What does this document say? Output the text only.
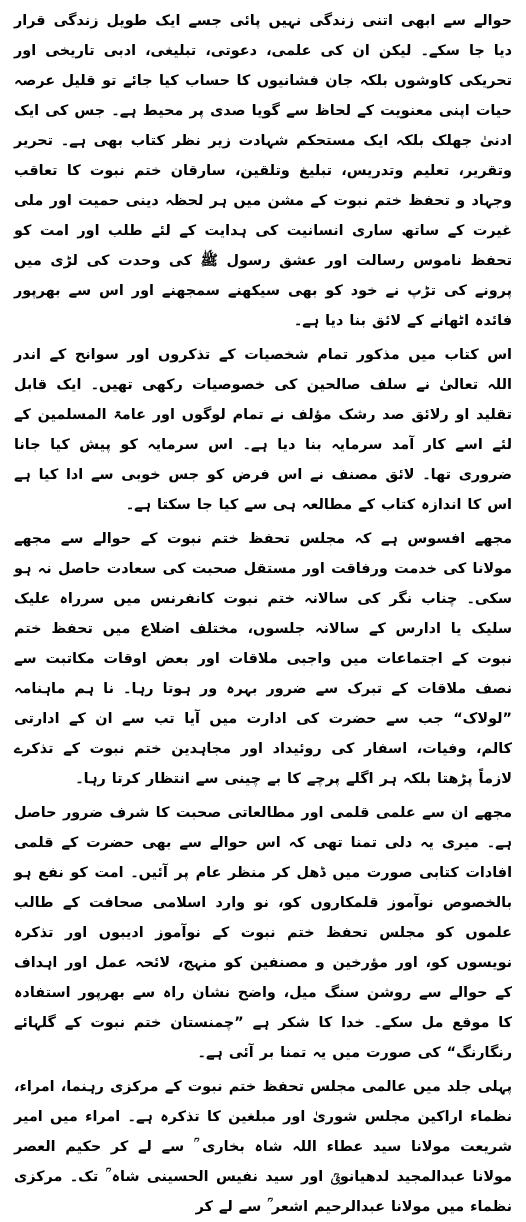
حوالے سے ابھی اتنی زندگی نہیں پائی جسے ایک طویل زندگی قرار دیا جا سکے۔ لیکن ان کی علمی، دعوتی، تبلیغی، ادبی تاریخی اور تحریکی کاوشوں بلکہ جان فشانیوں کا حساب کیا جائے تو قلیل عرصہ حیات اپنی معنویت کے لحاظ سے گویا صدی پر محیط ہے۔ جس کی ایک ادنیٰ جھلک بلکہ ایک مستحکم شہادت زیر نظر کتاب بھی ہے۔ تحریر وتقریر، تعلیم وتدریس، تبلیغ وتلقین، سارقان ختم نبوت کا تعاقب وجہاد و تحفظ ختم نبوت کے مشن میں ہر لحظہ دینی حمیت اور ملی غیرت کے ساتھ ساری انسانیت کی ہدایت کے لئے طلب اور امت کو تحفظ ناموس رسالت اور عشق رسول ﷺ کی وحدت کی لڑی میں پرونے کی تڑپ نے خود کو بھی سیکھنے سمجھنے اور اس سے بھرپور فائدہ اٹھانے کے لائق بنا دیا ہے۔

اس کتاب میں مذکور تمام شخصیات کے تذکروں اور سوانح کے اندر اللہ تعالیٰ نے سلف صالحین کی خصوصیات رکھی تھیں۔ ایک قابل تقلید او رلائق صد رشک مؤلف نے تمام لوگوں اور عامۃ المسلمین کے لئے اسے کار آمد سرمایہ بنا دیا ہے۔ اس سرمایہ کو پیش کیا جانا ضروری تھا۔ لائق مصنف نے اس فرض کو جس خوبی سے ادا کیا ہے اس کا اندازہ کتاب کے مطالعہ ہی سے کیا جا سکتا ہے۔

مجھے افسوس ہے کہ مجلس تحفظ ختم نبوت کے حوالے سے مجھے مولانا کی خدمت ورفاقت اور مستقل صحبت کی سعادت حاصل نہ ہو سکی۔ چناب نگر کی سالانہ ختم نبوت کانفرنس میں سرراہ علیک سلیک یا ادارس کے سالانہ جلسوں، مختلف اضلاع میں تحفظ ختم نبوت کے اجتماعات میں واجبی ملاقات اور بعض اوقات مکاتبت سے نصف ملاقات کے تبرک سے ضرور بہرہ ور ہوتا رہا۔ نا ہم ماہنامہ ”لولاک“ جب سے حضرت کی ادارت میں آیا تب سے ان کے ادارتی کالم، وفیات، اسفار کی روئیداد اور مجاہدین ختم نبوت کے تذکرے لازماً پڑھتا بلکہ ہر اگلے پرچے کا بے چینی سے انتظار کرتا رہا۔

مجھے ان سے علمی قلمی اور مطالعاتی صحبت کا شرف ضرور حاصل ہے۔ میری یہ دلی تمنا تھی کہ اس حوالے سے بھی حضرت کے قلمی افادات کتابی صورت میں ڈھل کر منظر عام پر آئیں۔ امت کو نفع ہو بالخصوص نوآموز قلمکاروں کو، نو وارد اسلامی صحافت کے طالب علموں کو مجلس تحفظ ختم نبوت کے نوآموز ادیبوں اور تذکرہ نویسوں کو، اور مؤرخین و مصنفین کو منہج، لائحہ عمل اور اہداف کے حوالے سے روشن سنگ میل، واضح نشان راہ سے بھرپور استفادہ کا موقع مل سکے۔ خدا کا شکر ہے ”چمنستان ختم نبوت کے گلہائے رنگارنگ“ کی صورت میں یہ تمنا بر آئی ہے۔

پہلی جلد میں عالمی مجلس تحفظ ختم نبوت کے مرکزی رہنما، امراء، نظماء اراکین مجلس شوریٰ اور مبلغین کا تذکرہ ہے۔ امراء میں امیر شریعت مولانا سید عطاء اللہ شاہ بخاری ؒ سے لے کر حکیم العصر مولانا عبدالمجید لدھیانویؒ اور سید نفیس الحسینی شاہ ؒ تک۔ مرکزی نظماء میں مولانا عبدالرحیم اشعر ؒ سے لے کر
